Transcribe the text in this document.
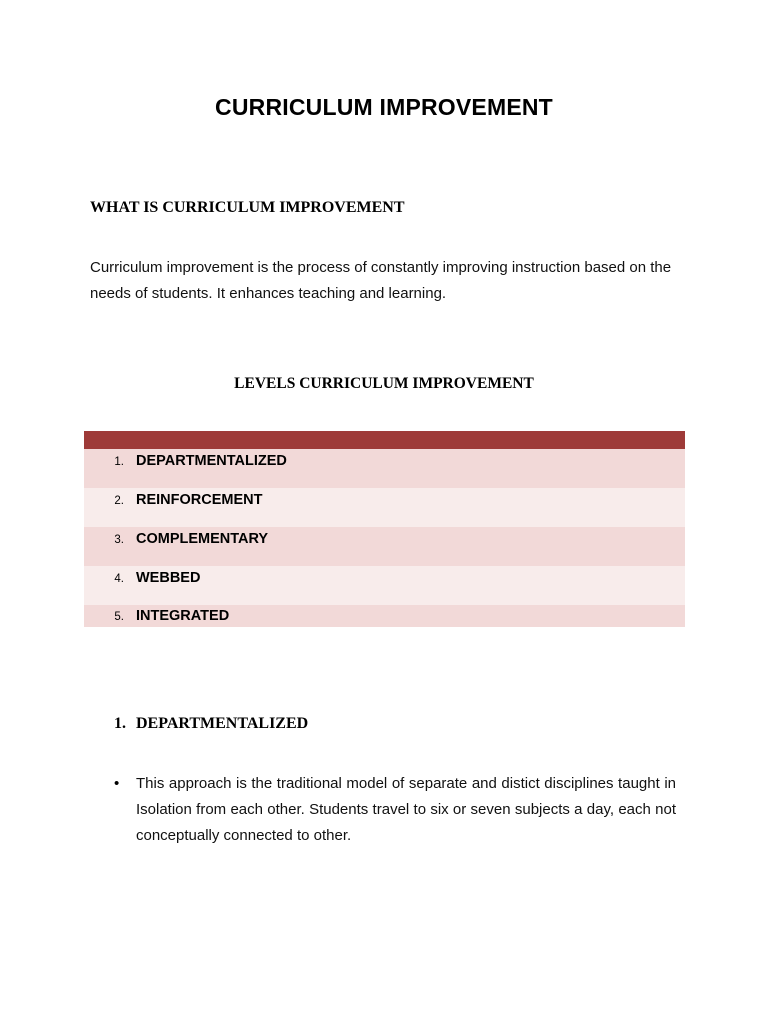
CURRICULUM IMPROVEMENT
WHAT IS CURRICULUM IMPROVEMENT
Curriculum improvement is the process of constantly improving instruction based on the needs of students. It enhances teaching and learning.
LEVELS CURRICULUM IMPROVEMENT
1. DEPARTMENTALIZED
2. REINFORCEMENT
3. COMPLEMENTARY
4. WEBBED
5. INTEGRATED
1. DEPARTMENTALIZED
•	This approach is the traditional model of separate and distict disciplines taught in Isolation from each other. Students travel to six or seven subjects a day, each not conceptually connected to other.
